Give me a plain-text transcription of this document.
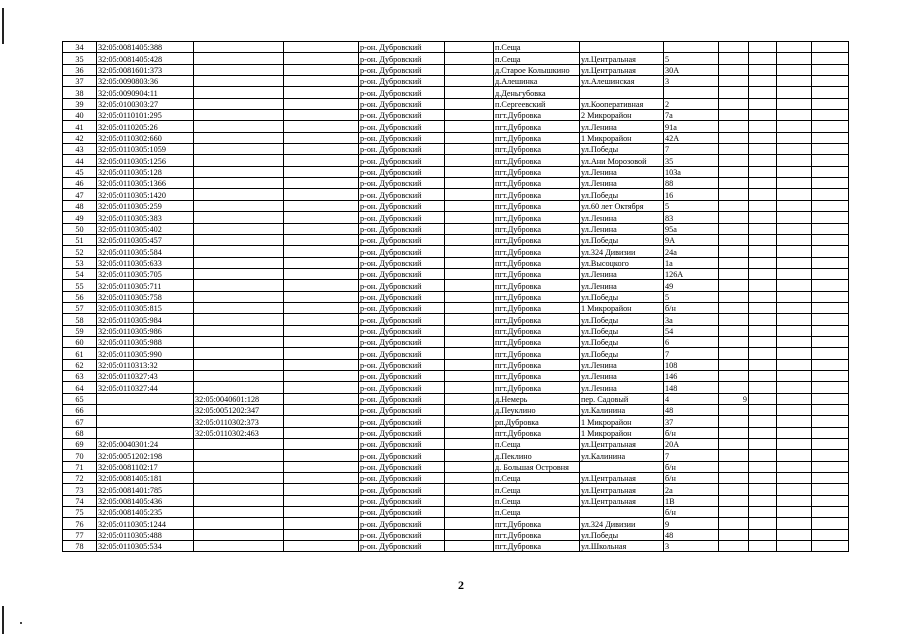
34	32:05:0081405:388			р-он. Дубровский		п.Сеща						
35	32:05:0081405:428			р-он. Дубровский		п.Сеща	ул.Центральная	5				
36	32:05:0081601:373			р-он. Дубровский		д.Старое Колышкино	ул.Центральная	30А				
37	32:05:0090803:36			р-он. Дубровский		д.Алешинка	ул.Алешинская	3				
38	32:05:0090904:11			р-он. Дубровский		д.Деньгубовка						
39	32:05:0100303:27			р-он. Дубровский		п.Сергеевский	ул.Кооперативная	2				
40	32:05:0110101:295			р-он. Дубровский		пгт.Дубровка	2 Микрорайон	7а				
41	32:05:0110205:26			р-он. Дубровский		пгт.Дубровка	ул.Ленина	91а				
42	32:05:0110302:660			р-он. Дубровский		пгт.Дубровка	1 Микрорайон	42А				
43	32:05:0110305:1059			р-он. Дубровский		пгт.Дубровка	ул.Победы	7				
44	32:05:0110305:1256			р-он. Дубровский		пгт.Дубровка	ул.Ани Морозовой	35				
45	32:05:0110305:128			р-он. Дубровский		пгт.Дубровка	ул.Ленина	103а				
46	32:05:0110305:1366			р-он. Дубровский		пгт.Дубровка	ул.Ленина	88				
47	32:05:0110305:1420			р-он. Дубровский		пгт.Дубровка	ул.Победы	16				
48	32:05:0110305:259			р-он. Дубровский		пгт.Дубровка	ул.60 лет Октября	5				
49	32:05:0110305:383			р-он. Дубровский		пгт.Дубровка	ул.Ленина	83				
50	32:05:0110305:402			р-он. Дубровский		пгт.Дубровка	ул.Ленина	95а				
51	32:05:0110305:457			р-он. Дубровский		пгт.Дубровка	ул.Победы	9А				
52	32:05:0110305:584			р-он. Дубровский		пгт.Дубровка	ул.324 Дивизии	24а				
53	32:05:0110305:633			р-он. Дубровский		пгт.Дубровка	ул.Высоцкого	1а				
54	32:05:0110305:705			р-он. Дубровский		пгт.Дубровка	ул.Ленина	126А				
55	32:05:0110305:711			р-он. Дубровский		пгт.Дубровка	ул.Ленина	49				
56	32:05:0110305:758			р-он. Дубровский		пгт.Дубровка	ул.Победы	5				
57	32:05:0110305:815			р-он. Дубровский		пгт.Дубровка	1 Микрорайон	б/н				
58	32:05:0110305:984			р-он. Дубровский		пгт.Дубровка	ул.Победы	3а				
59	32:05:0110305:986			р-он. Дубровский		пгт.Дубровка	ул.Победы	54				
60	32:05:0110305:988			р-он. Дубровский		пгт.Дубровка	ул.Победы	6				
61	32:05:0110305:990			р-он. Дубровский		пгт.Дубровка	ул.Победы	7				
62	32:05:0110313:32			р-он. Дубровский		пгт.Дубровка	ул.Ленина	108				
63	32:05:0110327:43			р-он. Дубровский		пгт.Дубровка	ул.Ленина	146				
64	32:05:0110327:44			р-он. Дубровский		пгт.Дубровка	ул.Ленина	148				
65		32:05:0040601:128		р-он. Дубровский		д.Немерь	пер. Садовый	4	9			
66		32:05:0051202:347		р-он. Дубровский		д.Пеуклино	ул.Калинина	48				
67		32:05:0110302:373		р-он. Дубровский		рп.Дубровка	1 Микрорайон	37				
68		32:05:0110302:463		р-он. Дубровский		пгт.Дубровка	1 Микрорайон	б/н				
69	32:05:0040301:24			р-он. Дубровский		п.Сеща	ул.Центральная	20А				
70	32:05:0051202:198			р-он. Дубровский		д.Пеклино	ул.Калинина	7				
71	32:05:0081102:17			р-он. Дубровский		д. Большая Островня		б/н				
72	32:05:0081405:181			р-он. Дубровский		п.Сеща	ул.Центральная	б/н				
73	32:05:0081401:785			р-он. Дубровский		п.Сеща	ул.Центральная	2а				
74	32:05:0081405:436			р-он. Дубровский		п.Сеща	ул.Центральная	1В				
75	32:05:0081405:235			р-он. Дубровский		п.Сеща		б/н				
76	32:05:0110305:1244			р-он. Дубровский		пгт.Дубровка	ул.324 Дивизии	9				
77	32:05:0110305:488			р-он. Дубровский		пгт.Дубровка	ул.Победы	48				
78	32:05:0110305:534			р-он. Дубровский		пгт.Дубровка	ул.Школьная	3				
2
